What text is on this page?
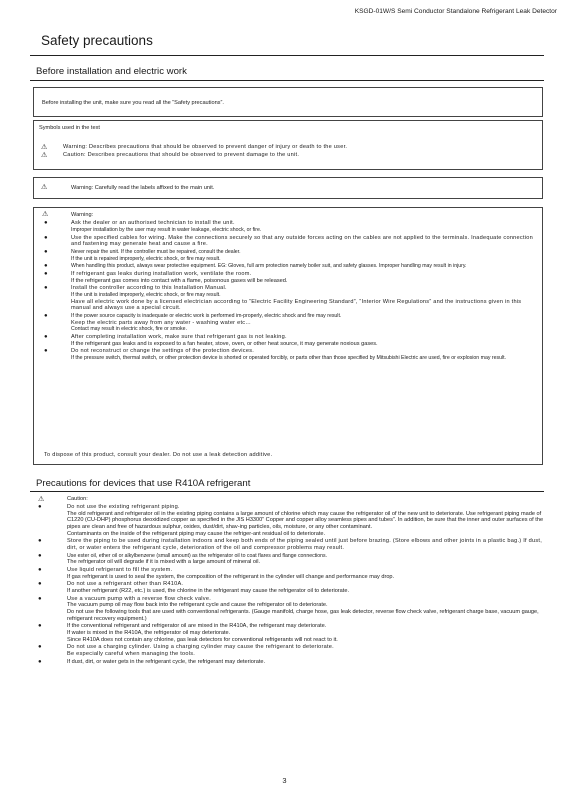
KSGD-01W/S Semi Conductor Standalone Refrigerant Leak Detector
Safety precautions
Before installation and electric work
Before installing the unit, make sure you read all the “Safety precautions”.
Symbols used in the text
⚠	Warning: Describes precautions that should be observed to prevent danger of injury or death to the user.
⚠	Caution: Describes precautions that should be observed to prevent damage to the unit.
⚠	Warning: Carefully read the labels affixed to the main unit.
⚠	Warning:
●	Ask the dealer or an authorised technician to install the unit.
Improper installation by the user may result in water leakage, electric shock, or fire.
●	Use the specified cables for wiring. Make the connections securely so that any outside forces acting on the cables are not applied to the terminals. Inadequate connection and fastening may generate heat and cause a fire.
●	Never repair the unit. If the controller must be repaired, consult the dealer.
If the unit is repaired improperly, electric shock, or fire may result.
●	When handling this product, always wear protective equipment. EG: Gloves, full arm protection namely boiler suit, and safety glasses. Improper handling may result in injury.
●	If refrigerant gas leaks during installation work, ventilate the room.
If the refrigerant gas comes into contact with a flame, poisonous gases will be released.
●	Install the controller according to this Installation Manual.
If the unit is installed improperly, electric shock, or fire may result.
Have all electric work done by a licensed electrician according to “Electric Facility Engineering Standard”, “Interior Wire Regulations” and the instructions given in this manual and always use a special circuit.
●	If the power source capacity is inadequate or electric work is performed im-properly, electric shock and fire may result.
Keep the electric parts away from any water - washing water etc…
Contact may result in electric shock, fire or smoke.
●	After completing installation work, make sure that refrigerant gas is not leaking.
If the refrigerant gas leaks and is exposed to a fan heater, stove, oven, or other heat source, it may generate noxious gases.
●	Do not reconstruct or change the settings of the protection devices.
If the pressure switch, thermal switch, or other protection device is shorted or operated forcibly, or parts other than those specified by Mitsubishi Electric are used, fire or explosion may result.
To dispose of this product, consult your dealer. Do not use a leak detection additive.
Precautions for devices that use R410A refrigerant
⚠	Caution:
●	Do not use the existing refrigerant piping.
The old refrigerant and refrigerator oil in the existing piping contains a large amount of chlorine which may cause the refrigerator oil of the new unit to deteriorate. Use refrigerant piping made of C1220 (CU-DHP) phosphorus deoxidized copper as specified in the JIS H3300” Copper and copper alloy seamless pipes and tubes”. In addition, be sure that the inner and outer surfaces of the pipes are clean and free of hazardous sulphur, oxides, dust/dirt, shav-ing particles, oils, moisture, or any other contaminant.
Contaminants on the inside of the refrigerant piping may cause the refriger-ant residual oil to deteriorate.
●	Store the piping to be used during installation indoors and keep both ends of the piping sealed until just before brazing. (Store elbows and other joints in a plastic bag.) If dust, dirt, or water enters the refrigerant cycle, deterioration of the oil and compressor problems may result.
●	Use ester oil, ether oil or alkylbenzene (small amount) as the refrigerator oil to coat flares and flange connections.
The refrigerator oil will degrade if it is mixed with a large amount of mineral oil.
●	Use liquid refrigerant to fill the system.
If gas refrigerant is used to seal the system, the composition of the refrigerant in the cylinder will change and performance may drop.
●	Do not use a refrigerant other than R410A.
If another refrigerant (R22, etc.) is used, the chlorine in the refrigerant may cause the refrigerator oil to deteriorate.
●	Use a vacuum pump with a reverse flow check valve.
The vacuum pump oil may flow back into the refrigerant cycle and cause the refrigerator oil to deteriorate.
Do not use the following tools that are used with conventional refrigerants. (Gauge manifold, charge hose, gas leak detector, reverse flow check valve, refrigerant charge base, vacuum gauge, refrigerant recovery equipment.)
●	If the conventional refrigerant and refrigerator oil are mixed in the R410A, the refrigerant may deteriorate.
If water is mixed in the R410A, the refrigerator oil may deteriorate.
Since R410A does not contain any chlorine, gas leak detectors for conventional refrigerants will not react to it.
●	Do not use a charging cylinder. Using a charging cylinder may cause the refrigerant to deteriorate.
Be especially careful when managing the tools.
●	If dust, dirt, or water gets in the refrigerant cycle, the refrigerant may deteriorate.
3
